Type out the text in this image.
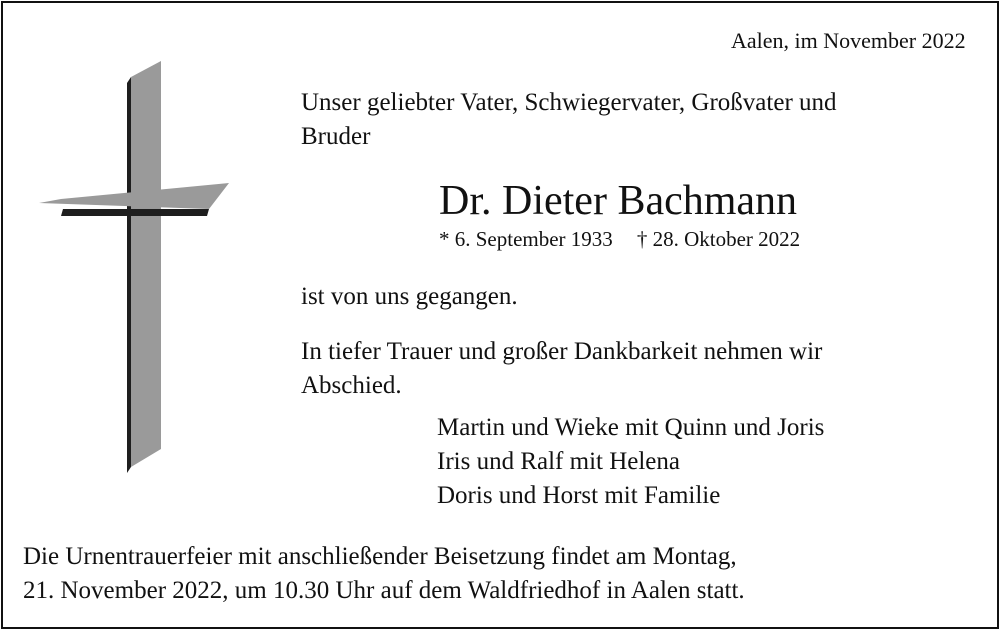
Aalen, im November 2022
Unser geliebter Vater, Schwiegervater, Großvater und
Bruder
Dr. Dieter Bachmann
* 6. September 1933 † 28. Oktober 2022
ist von uns gegangen.
In tiefer Trauer und großer Dankbarkeit nehmen wir
Abschied.
Martin und Wieke mit Quinn und Joris
Iris und Ralf mit Helena
Doris und Horst mit Familie
Die Urnentrauerfeier mit anschließender Beisetzung findet am Montag,
21. November 2022, um 10.30 Uhr auf dem Waldfriedhof in Aalen statt.
